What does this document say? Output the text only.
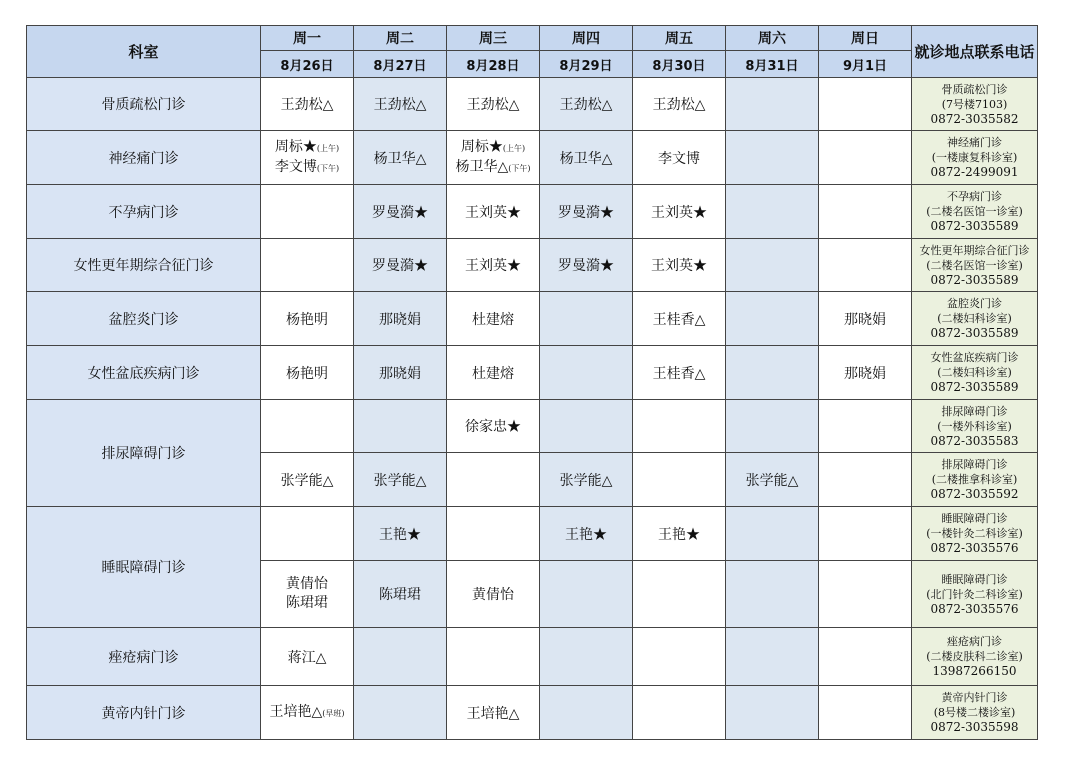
科室	周一	周二	周三	周四	周五	周六	周日	就诊地点联系电话
	8月26日	8月27日	8月28日	8月29日	8月30日	8月31日	9月1日	
骨质疏松门诊	王劲松△	王劲松△	王劲松△	王劲松△	王劲松△			骨质疏松门诊
(7号楼7103)
0872-3035582

神经痛门诊	周标★(上午)
李文博(下午)	杨卫华△	周标★(上午)
杨卫华△(下午)	杨卫华△	李文博			神经痛门诊
(一楼康复科诊室)
0872-2499091

不孕病门诊		罗曼漪★	王刘英★	罗曼漪★	王刘英★			不孕病门诊
(二楼名医馆一诊室)
0872-3035589

女性更年期综合征门诊		罗曼漪★	王刘英★	罗曼漪★	王刘英★			女性更年期综合征门诊
(二楼名医馆一诊室)
0872-3035589

盆腔炎门诊	杨艳明	那晓娟	杜建熔		王桂香△		那晓娟	盆腔炎门诊
(二楼妇科诊室)
0872-3035589

女性盆底疾病门诊	杨艳明	那晓娟	杜建熔		王桂香△		那晓娟	女性盆底疾病门诊
(二楼妇科诊室)
0872-3035589

排尿障碍门诊			徐家忠★					排尿障碍门诊
(一楼外科诊室)
0872-3035583

	张学能△	张学能△		张学能△		张学能△		排尿障碍门诊
(二楼推拿科诊室)
0872-3035592

睡眠障碍门诊		王艳★		王艳★	王艳★			睡眠障碍门诊
(一楼针灸二科诊室)
0872-3035576

	黄倩怡
陈珺珺	陈珺珺	黄倩怡					睡眠障碍门诊
(北门针灸二科诊室)
0872-3035576

痤疮病门诊	蒋江△							痤疮病门诊
(二楼皮肤科二诊室)
13987266150

黄帝内针门诊	王培艳△(早班)		王培艳△					黄帝内针门诊
(8号楼二楼诊室)
0872-3035598
